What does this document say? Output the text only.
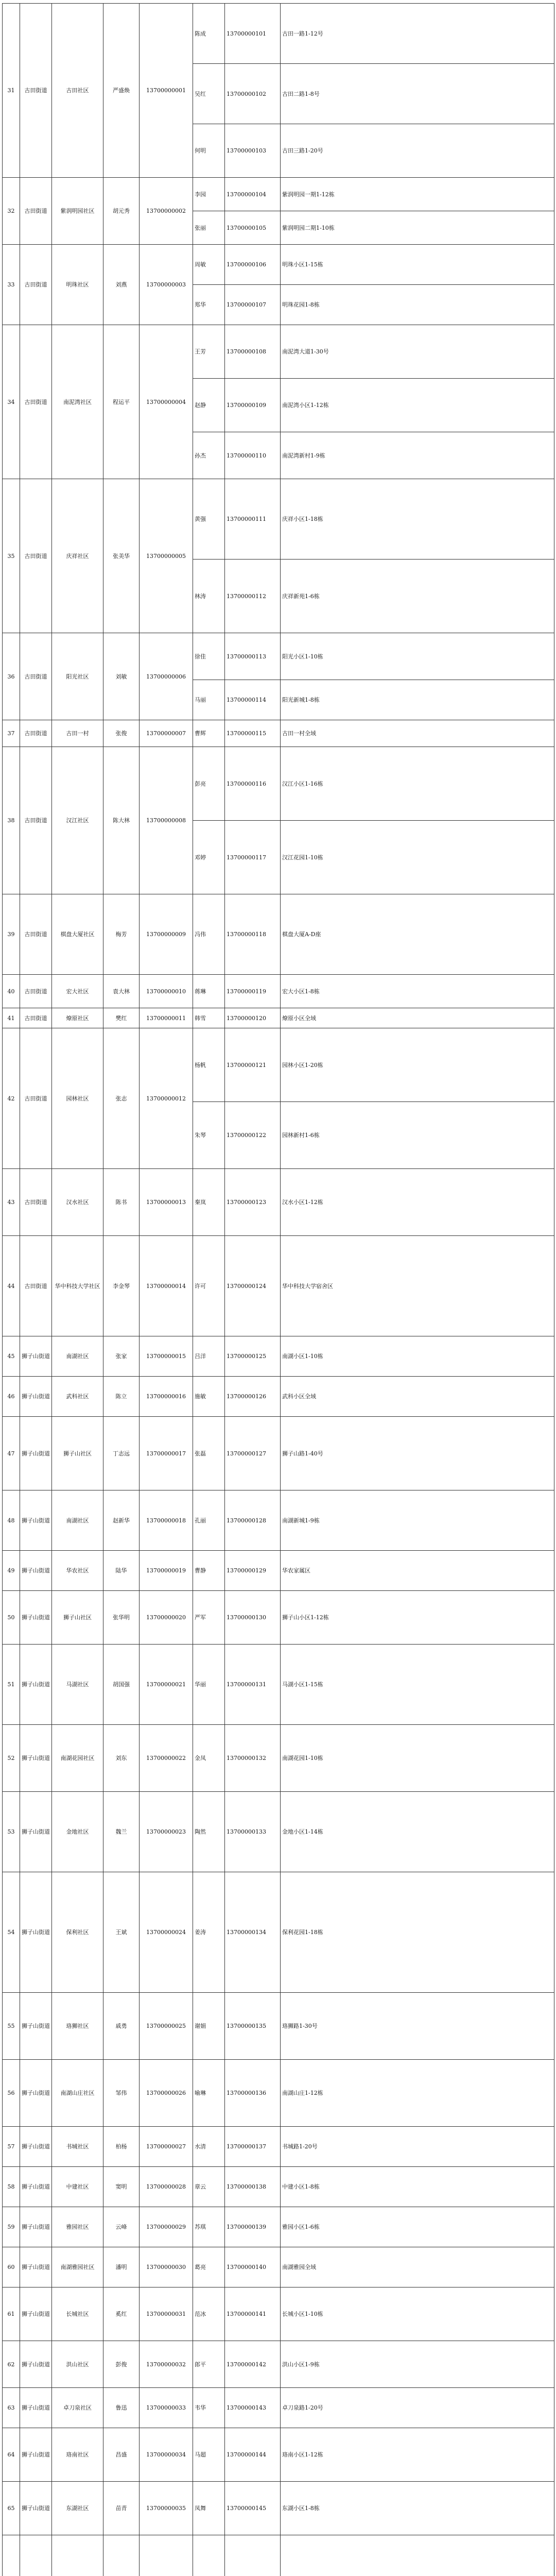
31	古田街道	古田社区	严盛焕	13700000001	陈成	13700000101	古田一路1-12号
					吴红	13700000102	古田二路1-8号
					何明	13700000103	古田三路1-20号
32	古田街道	紫润明园社区	胡元秀	13700000002	李园	13700000104	紫润明园一期1-12栋
					张丽	13700000105	紫润明园二期1-10栋
33	古田街道	明珠社区	刘燕	13700000003	周敏	13700000106	明珠小区1-15栋
					郑华	13700000107	明珠花园1-8栋
34	古田街道	南泥湾社区	程运平	13700000004	王芳	13700000108	南泥湾大道1-30号
					赵静	13700000109	南泥湾小区1-12栋
					孙杰	13700000110	南泥湾新村1-9栋
35	古田街道	庆祥社区	张美华	13700000005	黄强	13700000111	庆祥小区1-18栋
					林涛	13700000112	庆祥新苑1-6栋
36	古田街道	阳光社区	刘敏	13700000006	徐佳	13700000113	阳光小区1-10栋
					马丽	13700000114	阳光新城1-8栋
37	古田街道	古田一村	张俊	13700000007	曹辉	13700000115	古田一村全域
38	古田街道	汉江社区	陈大林	13700000008	彭亮	13700000116	汉江小区1-16栋
					邓婷	13700000117	汉江花园1-10栋
39	古田街道	棋盘大厦社区	梅芳	13700000009	冯伟	13700000118	棋盘大厦A-D座
40	古田街道	宏大社区	袁大林	13700000010	蒋琳	13700000119	宏大小区1-8栋
41	古田街道	燎原社区	樊红	13700000011	韩雪	13700000120	燎原小区全域
42	古田街道	园林社区	张志	13700000012	杨帆	13700000121	园林小区1-20栋
					朱琴	13700000122	园林新村1-6栋
43	古田街道	汉水社区	陈书	13700000013	秦岚	13700000123	汉水小区1-12栋
44	古田街道	华中科技大学社区	李金琴	13700000014	许可	13700000124	华中科技大学宿舍区
45	狮子山街道	南湖社区	张家	13700000015	吕洋	13700000125	南湖小区1-10栋
46	狮子山街道	武科社区	陈立	13700000016	施敏	13700000126	武科小区全域
47	狮子山街道	狮子山社区	丁志远	13700000017	张磊	13700000127	狮子山路1-40号
48	狮子山街道	南湖社区	赵新华	13700000018	孔丽	13700000128	南湖新城1-9栋
49	狮子山街道	华农社区	陆华	13700000019	曹静	13700000129	华农家属区
50	狮子山街道	狮子山社区	张华明	13700000020	严军	13700000130	狮子山小区1-12栋
51	狮子山街道	马湖社区	胡国强	13700000021	华丽	13700000131	马湖小区1-15栋
52	狮子山街道	南湖花园社区	刘东	13700000022	金凤	13700000132	南湖花园1-10栋
53	狮子山街道	金地社区	魏兰	13700000023	陶然	13700000133	金地小区1-14栋
54	狮子山街道	保利社区	王斌	13700000024	姜涛	13700000134	保利花园1-18栋
55	狮子山街道	珞狮社区	戚勇	13700000025	谢娟	13700000135	珞狮路1-30号
56	狮子山街道	南湖山庄社区	邹伟	13700000026	喻琳	13700000136	南湖山庄1-12栋
57	狮子山街道	书城社区	柏杨	13700000027	水清	13700000137	书城路1-20号
58	狮子山街道	中建社区	窦明	13700000028	章云	13700000138	中建小区1-8栋
59	狮子山街道	雅园社区	云峰	13700000029	苏琪	13700000139	雅园小区1-6栋
60	狮子山街道	南湖雅园社区	潘明	13700000030	葛亮	13700000140	南湖雅园全域
61	狮子山街道	长城社区	奚红	13700000031	范冰	13700000141	长城小区1-10栋
62	狮子山街道	洪山社区	彭俊	13700000032	郎平	13700000142	洪山小区1-9栋
63	狮子山街道	卓刀泉社区	鲁迅	13700000033	韦华	13700000143	卓刀泉路1-20号
64	狮子山街道	珞南社区	昌盛	13700000034	马超	13700000144	珞南小区1-12栋
65	狮子山街道	东湖社区	苗青	13700000035	凤舞	13700000145	东湖小区1-8栋
